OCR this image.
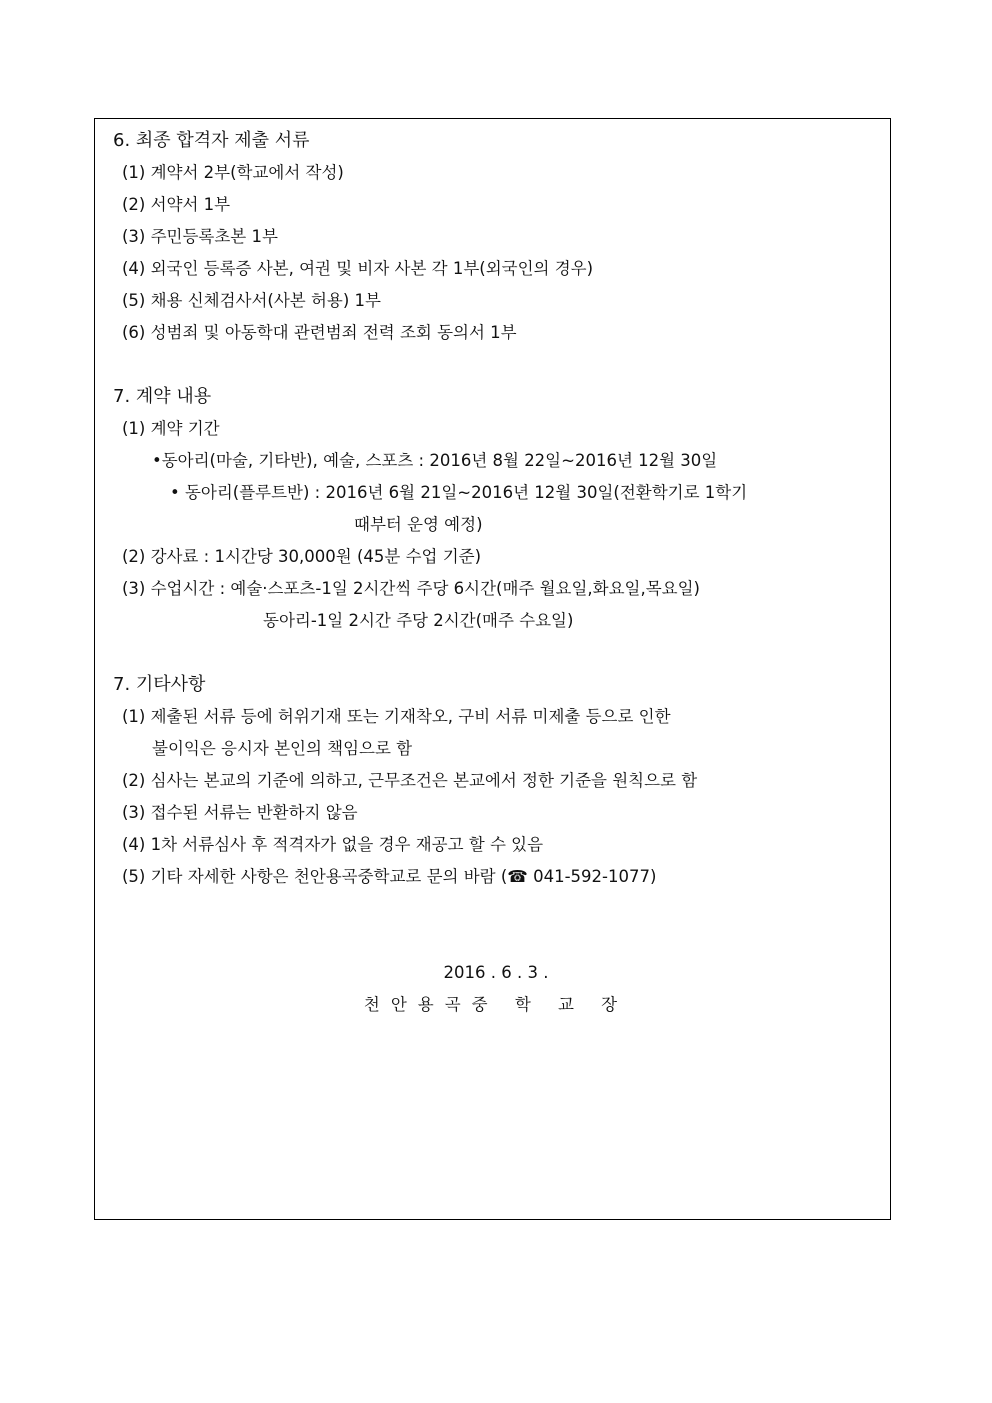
6. 최종 합격자 제출 서류
(1) 계약서 2부(학교에서 작성)
(2) 서약서 1부
(3) 주민등록초본 1부
(4) 외국인 등록증 사본, 여권 및 비자 사본 각 1부(외국인의 경우)
(5) 채용 신체검사서(사본 허용) 1부
(6) 성범죄 및 아동학대 관련범죄 전력 조회 동의서 1부
7. 계약 내용
(1) 계약 기간
•동아리(마술, 기타반), 예술, 스포츠 : 2016년 8월 22일~2016년 12월 30일
• 동아리(플루트반) : 2016년 6월 21일~2016년 12월 30일(전환학기로 1학기
때부터 운영 예정)
(2) 강사료 : 1시간당 30,000원 (45분 수업 기준)
(3) 수업시간 : 예술·스포츠-1일 2시간씩 주당 6시간(매주 월요일,화요일,목요일)
동아리-1일 2시간 주당 2시간(매주 수요일)
7. 기타사항
(1) 제출된 서류 등에 허위기재 또는 기재착오, 구비 서류 미제출 등으로 인한
불이익은 응시자 본인의 책임으로 함
(2) 심사는 본교의 기준에 의하고, 근무조건은 본교에서 정한 기준을 원칙으로 함
(3) 접수된 서류는 반환하지 않음
(4) 1차 서류심사 후 적격자가 없을 경우 재공고 할 수 있음
(5) 기타 자세한 사항은 천안용곡중학교로 문의 바람 (☎ 041-592-1077)
2016 . 6 . 3 .
천안용곡중 학 교 장
